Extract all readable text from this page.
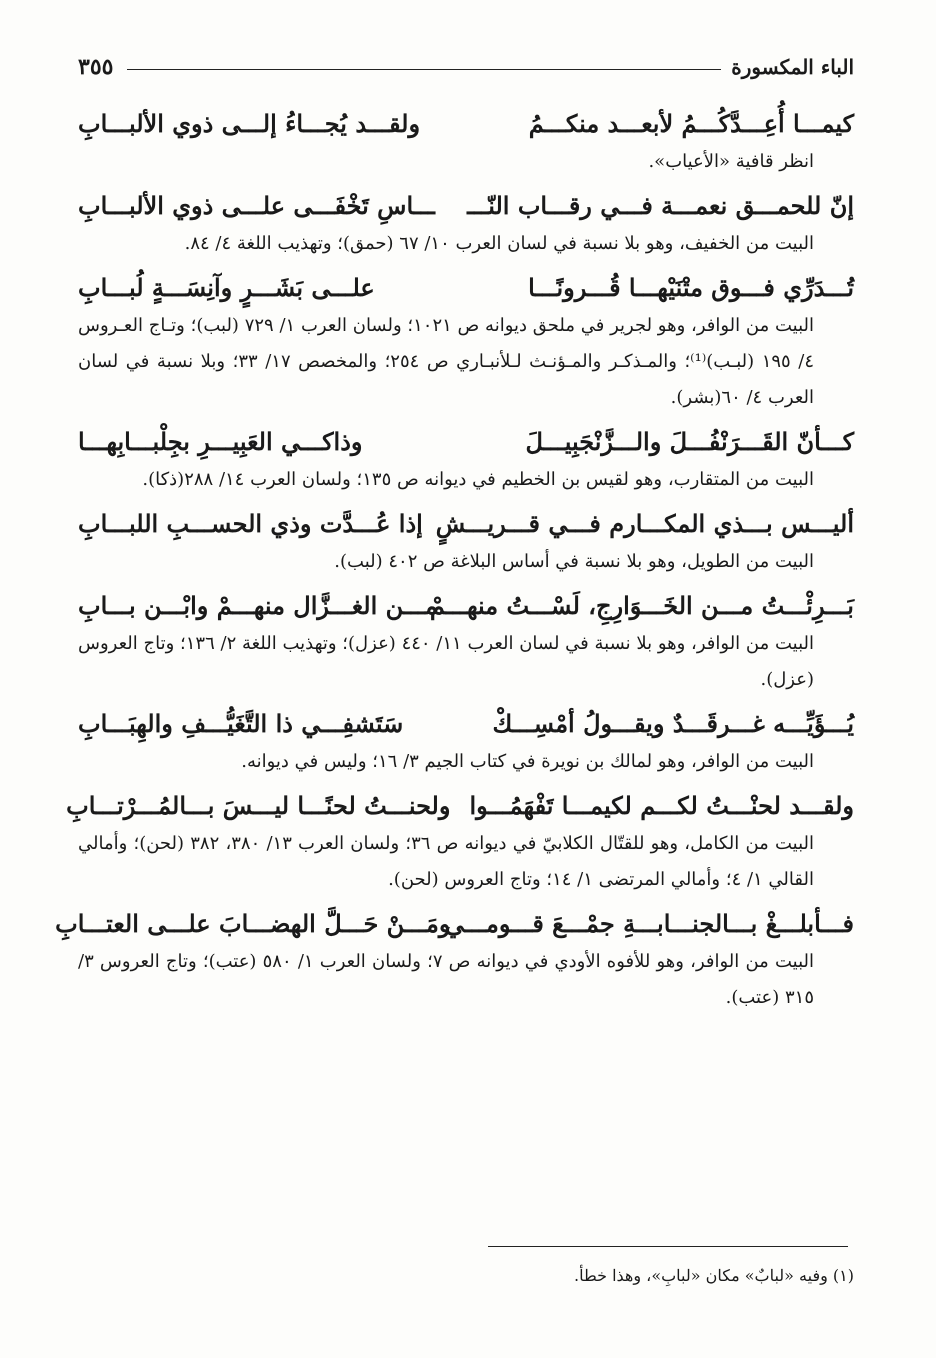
الباء المكسورة
٣٥٥
كيمـــا أُعِـــدَّكُـــمُ لأبعـــد منكـــمُ
ولقـــد يُجـــاءُ إلـــى ذوي الألبـــابِ

انظر قافية «الأعياب».

إنّ للحمـــق نعمـــة فـــي رقـــاب النّـــ
ـــاسِ تَخْفَـــى علـــى ذوي الألبـــابِ

البيت من الخفيف، وهو بلا نسبة في لسان العرب ١٠/ ٦٧ (حمق)؛ وتهذيب اللغة ٤/ ٨٤.

تُـــدَرِّي فـــوق متْنَيْهـــا قُـــرونًـــا
علـــى بَشَـــرٍ وآنِسَـــةٍ لُبـــابِ

البيت من الوافر، وهو لجرير في ملحق ديوانه ص ١٠٢١؛ ولسان العرب ١/ ٧٢٩ (لبب)؛ وتـاج العـروس ٤/ ١٩٥ (لبـب)⁽¹⁾؛ والمـذكـر والمـؤنـث لـلأنبـاري ص ٢٥٤؛ والمخصص ١٧/ ٣٣؛ وبلا نسبة في لسان العرب ٤/ ٦٠(بشر).

كـــأنّ القَـــرَنْفُـــلَ والـــزَّنْجَبِيـــلَ
وذاكـــي العَبِيـــرِ بجِلْبـــابِهـــا

البيت من المتقارب، وهو لقيس بن الخطيم في ديوانه ص ١٣٥؛ ولسان العرب ١٤/ ٢٨٨(ذكا).

أليـــس بـــذي المكـــارم فـــي قـــريـــشٍ
إذا عُـــدَّت وذي الحســـبِ اللبـــابِ

البيت من الطويل، وهو بلا نسبة في أساس البلاغة ص ٤٠٢ (لبب).

بَـــرِئْـــتُ مـــن الخَـــوَارِجِ، لَسْـــتُ منهـــمْ
مـــن الغـــزَّال منهـــمْ وابْـــن بـــابِ

البيت من الوافر، وهو بلا نسبة في لسان العرب ١١/ ٤٤٠ (عزل)؛ وتهذيب اللغة ٢/ ١٣٦؛ وتاج العروس (عزل).

يُـــؤَيِّـــه غـــرقَـــدٌ ويقـــولُ أمْسِـــكْ
سَتَشفِـــي ذا التَّغَيُّـــفِ والهِبَـــابِ

البيت من الوافر، وهو لمالك بن نويرة في كتاب الجيم ٣/ ١٦؛ وليس في ديوانه.

ولقـــد لحنْـــتُ لكـــم لكيمـــا تَفْهَمُـــوا
ولحنـــتُ لحنًـــا ليـــسَ بـــالمُـــرْتـــابِ

البيت من الكامل، وهو للقتّال الكلابيّ في ديوانه ص ٣٦؛ ولسان العرب ١٣/ ٣٨٠، ٣٨٢ (لحن)؛ وأمالي القالي ١/ ٤؛ وأمالي المرتضى ١/ ١٤؛ وتاج العروس (لحن).

فـــأبلـــغْ بـــالجنـــابـــةِ جمْـــعَ قـــومـــي
ومَـــنْ حَـــلَّ الهضـــابَ علـــى العتـــابِ

البيت من الوافر، وهو للأفوه الأودي في ديوانه ص ٧؛ ولسان العرب ١/ ٥٨٠ (عتب)؛ وتاج العروس ٣/ ٣١٥ (عتب).

(١) وفيه «لبابٌ» مكان «لبابِ»، وهذا خطأ.
